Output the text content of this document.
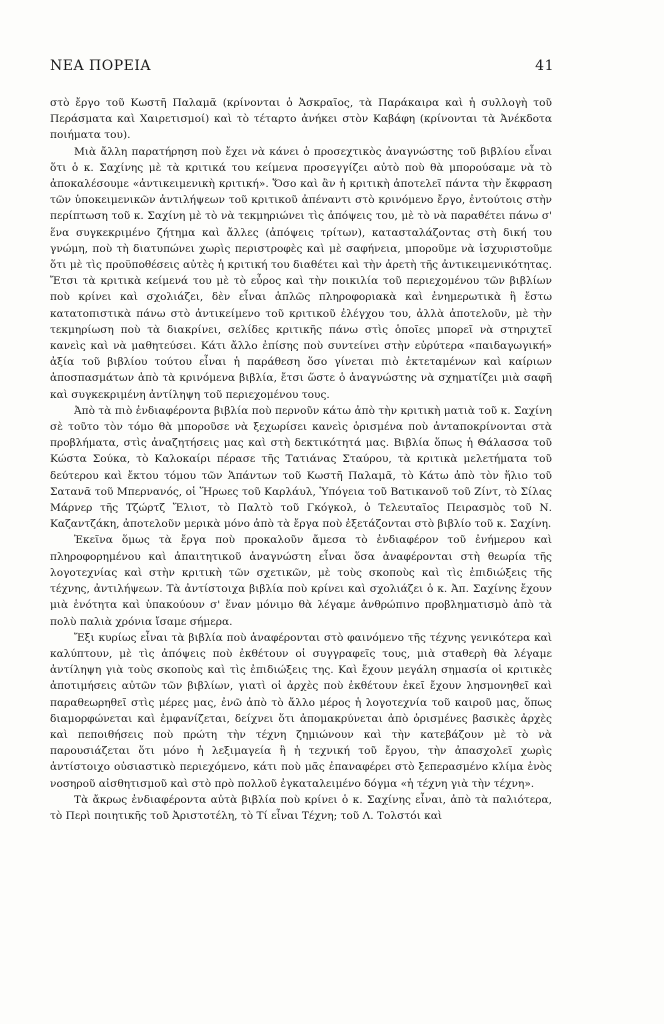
ΝΕΑ ΠΟΡΕΙΑ	41

στὸ ἔργο τοῦ Κωστῆ Παλαμᾶ (κρίνονται ὁ Ἀσκραῖος, τὰ Παράκαιρα καὶ ἡ συλλογὴ τοῦ Περάσματα καὶ Χαιρετισμοί) καὶ τὸ τέταρτο ἀνήκει στὸν Καβάφη (κρίνονται τὰ Ἀνέκδοτα ποιήματα του).

Μιὰ ἄλλη παρατήρηση ποὺ ἔχει νὰ κάνει ὁ προσεχτικὸς ἀναγνώστης τοῦ βιβλίου εἶναι ὅτι ὁ κ. Σαχίνης μὲ τὰ κριτικά του κείμενα προσεγγίζει αὐτὸ ποὺ θὰ μπορούσαμε νὰ τὸ ἀποκαλέσουμε «ἀντικειμενικὴ κριτική». Ὅσο καὶ ἂν ἡ κριτικὴ ἀποτελεῖ πάντα τὴν ἔκφραση τῶν ὑποκειμενικῶν ἀντιλήψεων τοῦ κριτικοῦ ἀπέναντι στὸ κρινόμενο ἔργο, ἐντούτοις στὴν περίπτωση τοῦ κ. Σαχίνη μὲ τὸ νὰ τεκμηριώνει τὶς ἀπόψεις του, μὲ τὸ νὰ παραθέτει πάνω σ' ἕνα συγκεκριμένο ζήτημα καὶ ἄλλες (ἀπόψεις τρίτων), κατασταλάζοντας στὴ δική του γνώμη, ποὺ τὴ διατυπώνει χωρὶς περιστροφὲς καὶ μὲ σαφήνεια, μποροῦμε νὰ ἰσχυριστοῦμε ὅτι μὲ τὶς προϋποθέσεις αὐτὲς ἡ κριτική του διαθέτει καὶ τὴν ἀρετὴ τῆς ἀντικειμενικότητας. Ἔτσι τὰ κριτικὰ κείμενά του μὲ τὸ εὖρος καὶ τὴν ποικιλία τοῦ περιεχομένου τῶν βιβλίων ποὺ κρίνει καὶ σχολιάζει, δὲν εἶναι ἁπλῶς πληροφοριακὰ καὶ ἐνημερωτικὰ ἢ ἔστω κατατοπιστικὰ πάνω στὸ ἀντικείμενο τοῦ κριτικοῦ ἐλέγχου του, ἀλλὰ ἀποτελοῦν, μὲ τὴν τεκμηρίωση ποὺ τὰ διακρίνει, σελίδες κριτικῆς πάνω στὶς ὁποῖες μπορεῖ νὰ στηριχτεῖ κανεὶς καὶ νὰ μαθητεύσει. Κάτι ἄλλο ἐπίσης ποὺ συντείνει στὴν εὐρύτερα «παιδαγωγική» ἀξία τοῦ βιβλίου τούτου εἶναι ἡ παράθεση ὅσο γίνεται πιὸ ἐκτεταμένων καὶ καίριων ἀποσπασμάτων ἀπὸ τὰ κρινόμενα βιβλία, ἔτσι ὥστε ὁ ἀναγνώστης νὰ σχηματίζει μιὰ σαφῆ καὶ συγκεκριμένη ἀντίληψη τοῦ περιεχομένου τους.

Ἀπὸ τὰ πιὸ ἐνδιαφέροντα βιβλία ποὺ περνοῦν κάτω ἀπὸ τὴν κριτικὴ ματιὰ τοῦ κ. Σαχίνη σὲ τοῦτο τὸν τόμο θὰ μποροῦσε νὰ ξεχωρίσει κανεὶς ὁρισμένα ποὺ ἀνταποκρίνονται στὰ προβλήματα, στὶς ἀναζητήσεις μας καὶ στὴ δεκτικότητά μας. Βιβλία ὅπως ἡ Θάλασσα τοῦ Κώστα Σούκα, τὸ Καλοκαίρι πέρασε τῆς Τατιάνας Σταύρου, τὰ κριτικὰ μελετήματα τοῦ δεύτερου καὶ ἔκτου τόμου τῶν Ἁπάντων τοῦ Κωστῆ Παλαμᾶ, τὸ Κάτω ἀπὸ τὸν ἥλιο τοῦ Σατανᾶ τοῦ Μπερνανός, οἱ Ἥρωες τοῦ Καρλάυλ, Ὑπόγεια τοῦ Βατικανοῦ τοῦ Ζίντ, τὸ Σίλας Μάρνερ τῆς Τζώρτζ Ἔλιοτ, τὸ Παλτὸ τοῦ Γκόγκολ, ὁ Τελευταῖος Πειρασμὸς τοῦ Ν. Καζαντζάκη, ἀποτελοῦν μερικὰ μόνο ἀπὸ τὰ ἔργα ποὺ ἐξετάζονται στὸ βιβλίο τοῦ κ. Σαχίνη.

Ἐκεῖνα ὅμως τὰ ἔργα ποὺ προκαλοῦν ἄμεσα τὸ ἐνδιαφέρον τοῦ ἐνήμερου καὶ πληροφορημένου καὶ ἀπαιτητικοῦ ἀναγνώστη εἶναι ὅσα ἀναφέρονται στὴ θεωρία τῆς λογοτεχνίας καὶ στὴν κριτικὴ τῶν σχετικῶν, μὲ τοὺς σκοποὺς καὶ τὶς ἐπιδιώξεις τῆς τέχνης, ἀντιλήψεων. Τὰ ἀντίστοιχα βιβλία ποὺ κρίνει καὶ σχολιάζει ὁ κ. Ἀπ. Σαχίνης ἔχουν μιὰ ἑνότητα καὶ ὑπακούουν σ' ἕναν μόνιμο θὰ λέγαμε ἀνθρώπινο προβληματισμὸ ἀπὸ τὰ πολὺ παλιὰ χρόνια ἴσαμε σήμερα.

Ἔξι κυρίως εἶναι τὰ βιβλία ποὺ ἀναφέρονται στὸ φαινόμενο τῆς τέχνης γενικότερα καὶ καλύπτουν, μὲ τὶς ἀπόψεις ποὺ ἐκθέτουν οἱ συγγραφεῖς τους, μιὰ σταθερὴ θὰ λέγαμε ἀντίληψη γιὰ τοὺς σκοποὺς καὶ τὶς ἐπιδιώξεις της. Καὶ ἔχουν μεγάλη σημασία οἱ κριτικὲς ἀποτιμήσεις αὐτῶν τῶν βιβλίων, γιατὶ οἱ ἀρχὲς ποὺ ἐκθέτουν ἐκεῖ ἔχουν λησμονηθεῖ καὶ παραθεωρηθεῖ στὶς μέρες μας, ἐνῶ ἀπὸ τὸ ἄλλο μέρος ἡ λογοτεχνία τοῦ καιροῦ μας, ὅπως διαμορφώνεται καὶ ἐμφανίζεται, δείχνει ὅτι ἀπομακρύνεται ἀπὸ ὁρισμένες βασικὲς ἀρχὲς καὶ πεποιθήσεις ποὺ πρώτη τὴν τέχνη ζημιώνουν καὶ τὴν κατεβάζουν μὲ τὸ νὰ παρουσιάζεται ὅτι μόνο ἡ λεξιμαγεία ἢ ἡ τεχνική τοῦ ἔργου, τὴν ἀπασχολεῖ χωρὶς ἀντίστοιχο οὐσιαστικὸ περιεχόμενο, κάτι ποὺ μᾶς ἐπαναφέρει στὸ ξεπερασμένο κλίμα ἑνὸς νοσηροῦ αἰσθητισμοῦ καὶ στὸ πρὸ πολλοῦ ἐγκαταλειμένο δόγμα «ἡ τέχνη γιὰ τὴν τέχνη».

Τὰ ἄκρως ἐνδιαφέροντα αὐτὰ βιβλία ποὺ κρίνει ὁ κ. Σαχίνης εἶναι, ἀπὸ τὰ παλιότερα, τὸ Περὶ ποιητικῆς τοῦ Ἀριστοτέλη, τὸ Τί εἶναι Τέχνη; τοῦ Λ. Τολστόι καὶ
